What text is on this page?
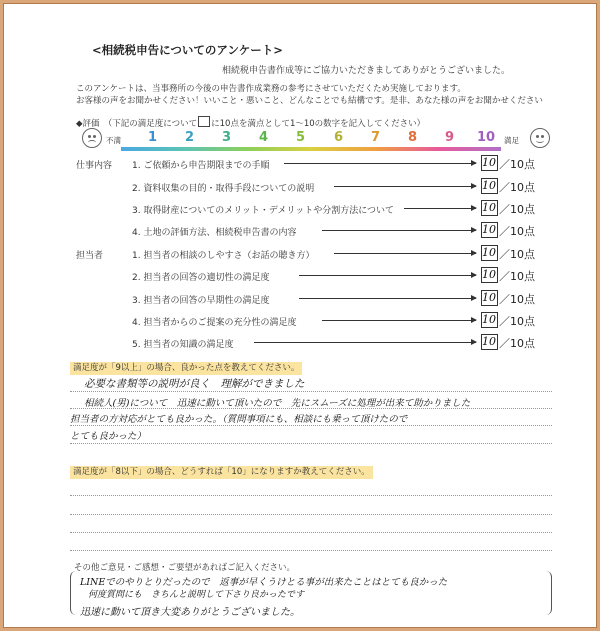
<相続税申告についてのアンケート>
相続税申告書作成等にご協力いただきましてありがとうございました。
このアンケートは、当事務所の今後の申告書作成業務の参考にさせていただくため実施しております。
お客様の声をお聞かせください！いいこと・悪いこと、どんなことでも結構です。是非、あなた様の声をお聞かせください
◆評価　（下記の満足度について に10点を満点として1～10の数字を記入してください）
不満 1 2 3 4 5 6 7 8 9 10 満足
仕事内容 1. ご依頼から申告期限までの手順	10 ／10点
2. 資料収集の目的・取得手段についての説明	10 ／10点
3. 取得財産についてのメリット・デメリットや分割方法について	10 ／10点
4. 土地の評価方法、相続税申告書の内容	10 ／10点
担当者	1. 担当者の相談のしやすさ（お話の聴き方）	10 ／10点
2. 担当者の回答の適切性の満足度	10 ／10点
3. 担当者の回答の早期性の満足度	10 ／10点
4. 担当者からのご提案の充分性の満足度	10 ／10点
5. 担当者の知識の満足度	10 ／10点
満足度が「9以上」の場合、良かった点を教えてください。
必要な書類等の説明が良く　理解ができました
相続人(男)について　迅速に動いて頂いたので　先にスムーズに処理が出来て助かりました
担当者の方対応がとても良かった。（質問事項にも、相談にも乗って頂けたので
とても良かった）
満足度が「8以下」の場合、どうすれば「10」になりますか教えてください。
その他ご意見・ご感想・ご要望があればご記入ください。
LINEでのやりとりだったので　返事が早くうけとる事が出来たことはとても良かった
何度質問にも　きちんと説明して下さり良かったです
迅速に動いて頂き大変ありがとうございました。
